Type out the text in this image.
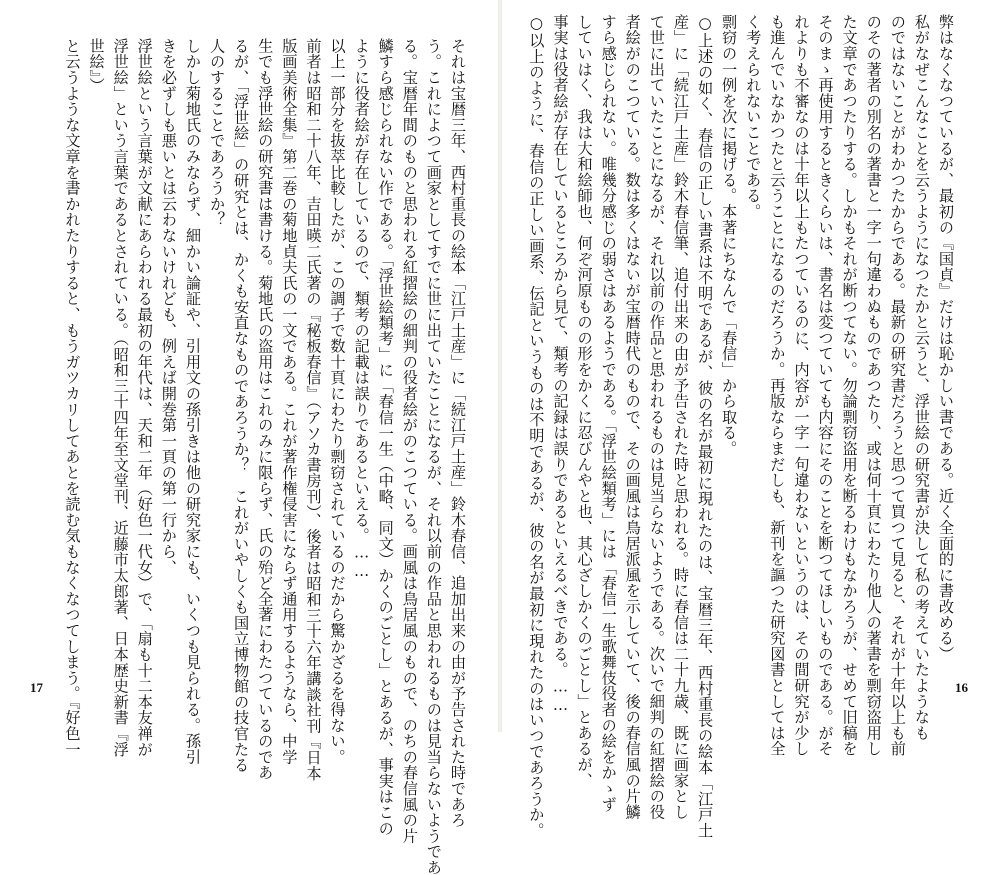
それは宝暦三年、西村重長の絵本「江戸土産」に「続江戸土産」鈴木春信、追加出来の由が予告された時であろ
う。これによつて画家としてすでに世に出ていたことになるが、それ以前の作品と思われるものは見当らないようであ
る。宝暦年間のものと思われる紅摺絵の細判の役者絵がのこつている。画風は鳥居風のもので、のちの春信風の片
鱗すら感じられない作である。「浮世絵類考」に「春信一生（中略、同文）かくのごとし」とあるが、事実はこの
ように役者絵が存在しているので、類考の記載は誤りであるといえる。……
以上一部分を抜萃比較したが、この調子で数十頁にわたり剽窃されているのだから驚かざるを得ない。
前者は昭和二十八年、吉田暎二氏著の『秘板春信』（アソカ書房刊）、後者は昭和三十六年講談社刊『日本
版画美術全集』第二巻の菊地貞夫氏の一文である。これが著作権侵害にならず通用するようなら、中学
生でも浮世絵の研究書は書ける。菊地氏の盗用はこれのみに限らず、氏の殆ど全著にわたつているのであ
るが、「浮世絵」の研究とは、かくも安直なものであろうか？　これがいやしくも国立博物館の技官たる
人のすることであろうか？
しかし菊地氏のみならず、細かい論証や、引用文の孫引きは他の研究家にも、いくつも見られる。孫引
きを必ずしも悪いとは云わないけれども、例えば開巻第一頁の第一行から、
浮世絵という言葉が文献にあらわれる最初の年代は、天和二年（好色一代女）で、「扇も十二本友禅が
浮世絵」という言葉であるとされている。（昭和三十四年至文堂刊、近藤市太郎著、日本歴史新書『浮
世絵』）
と云うような文章を書かれたりすると、もうガツカリしてあとを読む気もなくなつてしまう。『好色一
17
弊はなくなつているが、最初の『国貞』だけは恥かしい書である。近く全面的に書改める）
私がなぜこんなことを云うようになつたかと云うと、浮世絵の研究書が決して私の考えていたようなも
のではないことがわかつたからである。最新の研究書だろうと思つて買つて見ると、それが十年以上も前
のその著者の別名の著書と一字一句違わぬものであつたり、或は何十頁にわたり他人の著書を剽窃盗用し
た文章であつたりする。しかもそれが断つてない。勿論剽窃盗用を断るわけもなかろうが、せめて旧稿を
そのまゝ再使用するときくらいは、書名は変つていても内容にそのことを断つてほしいものである。がそ
れよりも不審なのは十年以上もたつているのに、内容が一字一句違わないというのは、その間研究が少し
も進んでいなかつたと云うことになるのだろうか。再版ならまだしも、新刊を謳つた研究図書としては全
く考えられないことである。
剽窃の一例を次に掲げる。本著にちなんで「春信」から取る。
○上述の如く、春信の正しい書系は不明であるが、彼の名が最初に現れたのは、宝暦三年、西村重長の絵本「江戸土
産」に「続江戸土産」鈴木春信筆、追付出来の由が予告された時と思われる。時に春信は二十九歳、既に画家とし
て世に出ていたことになるが、それ以前の作品と思われるものは見当らないようである。次いで細判の紅摺絵の役
者絵がのこつている。数は多くはないが宝暦時代のもので、その画風は鳥居派風を示していて、後の春信風の片鱗
すら感じられない。唯幾分感じの弱さはあるようである。「浮世絵類考」には「春信一生歌舞伎役者の絵をかゝず
していはく、我は大和絵師也、何ぞ河原ものの形をかくに忍びんやと也、其心ざしかくのごとし」とあるが、
事実は役者絵が存在しているところから見て、類考の記録は誤りであるといえるべきである。……
○以上のように、春信の正しい画系、伝記というものは不明であるが、彼の名が最初に現れたのはいつであろうか。	16
